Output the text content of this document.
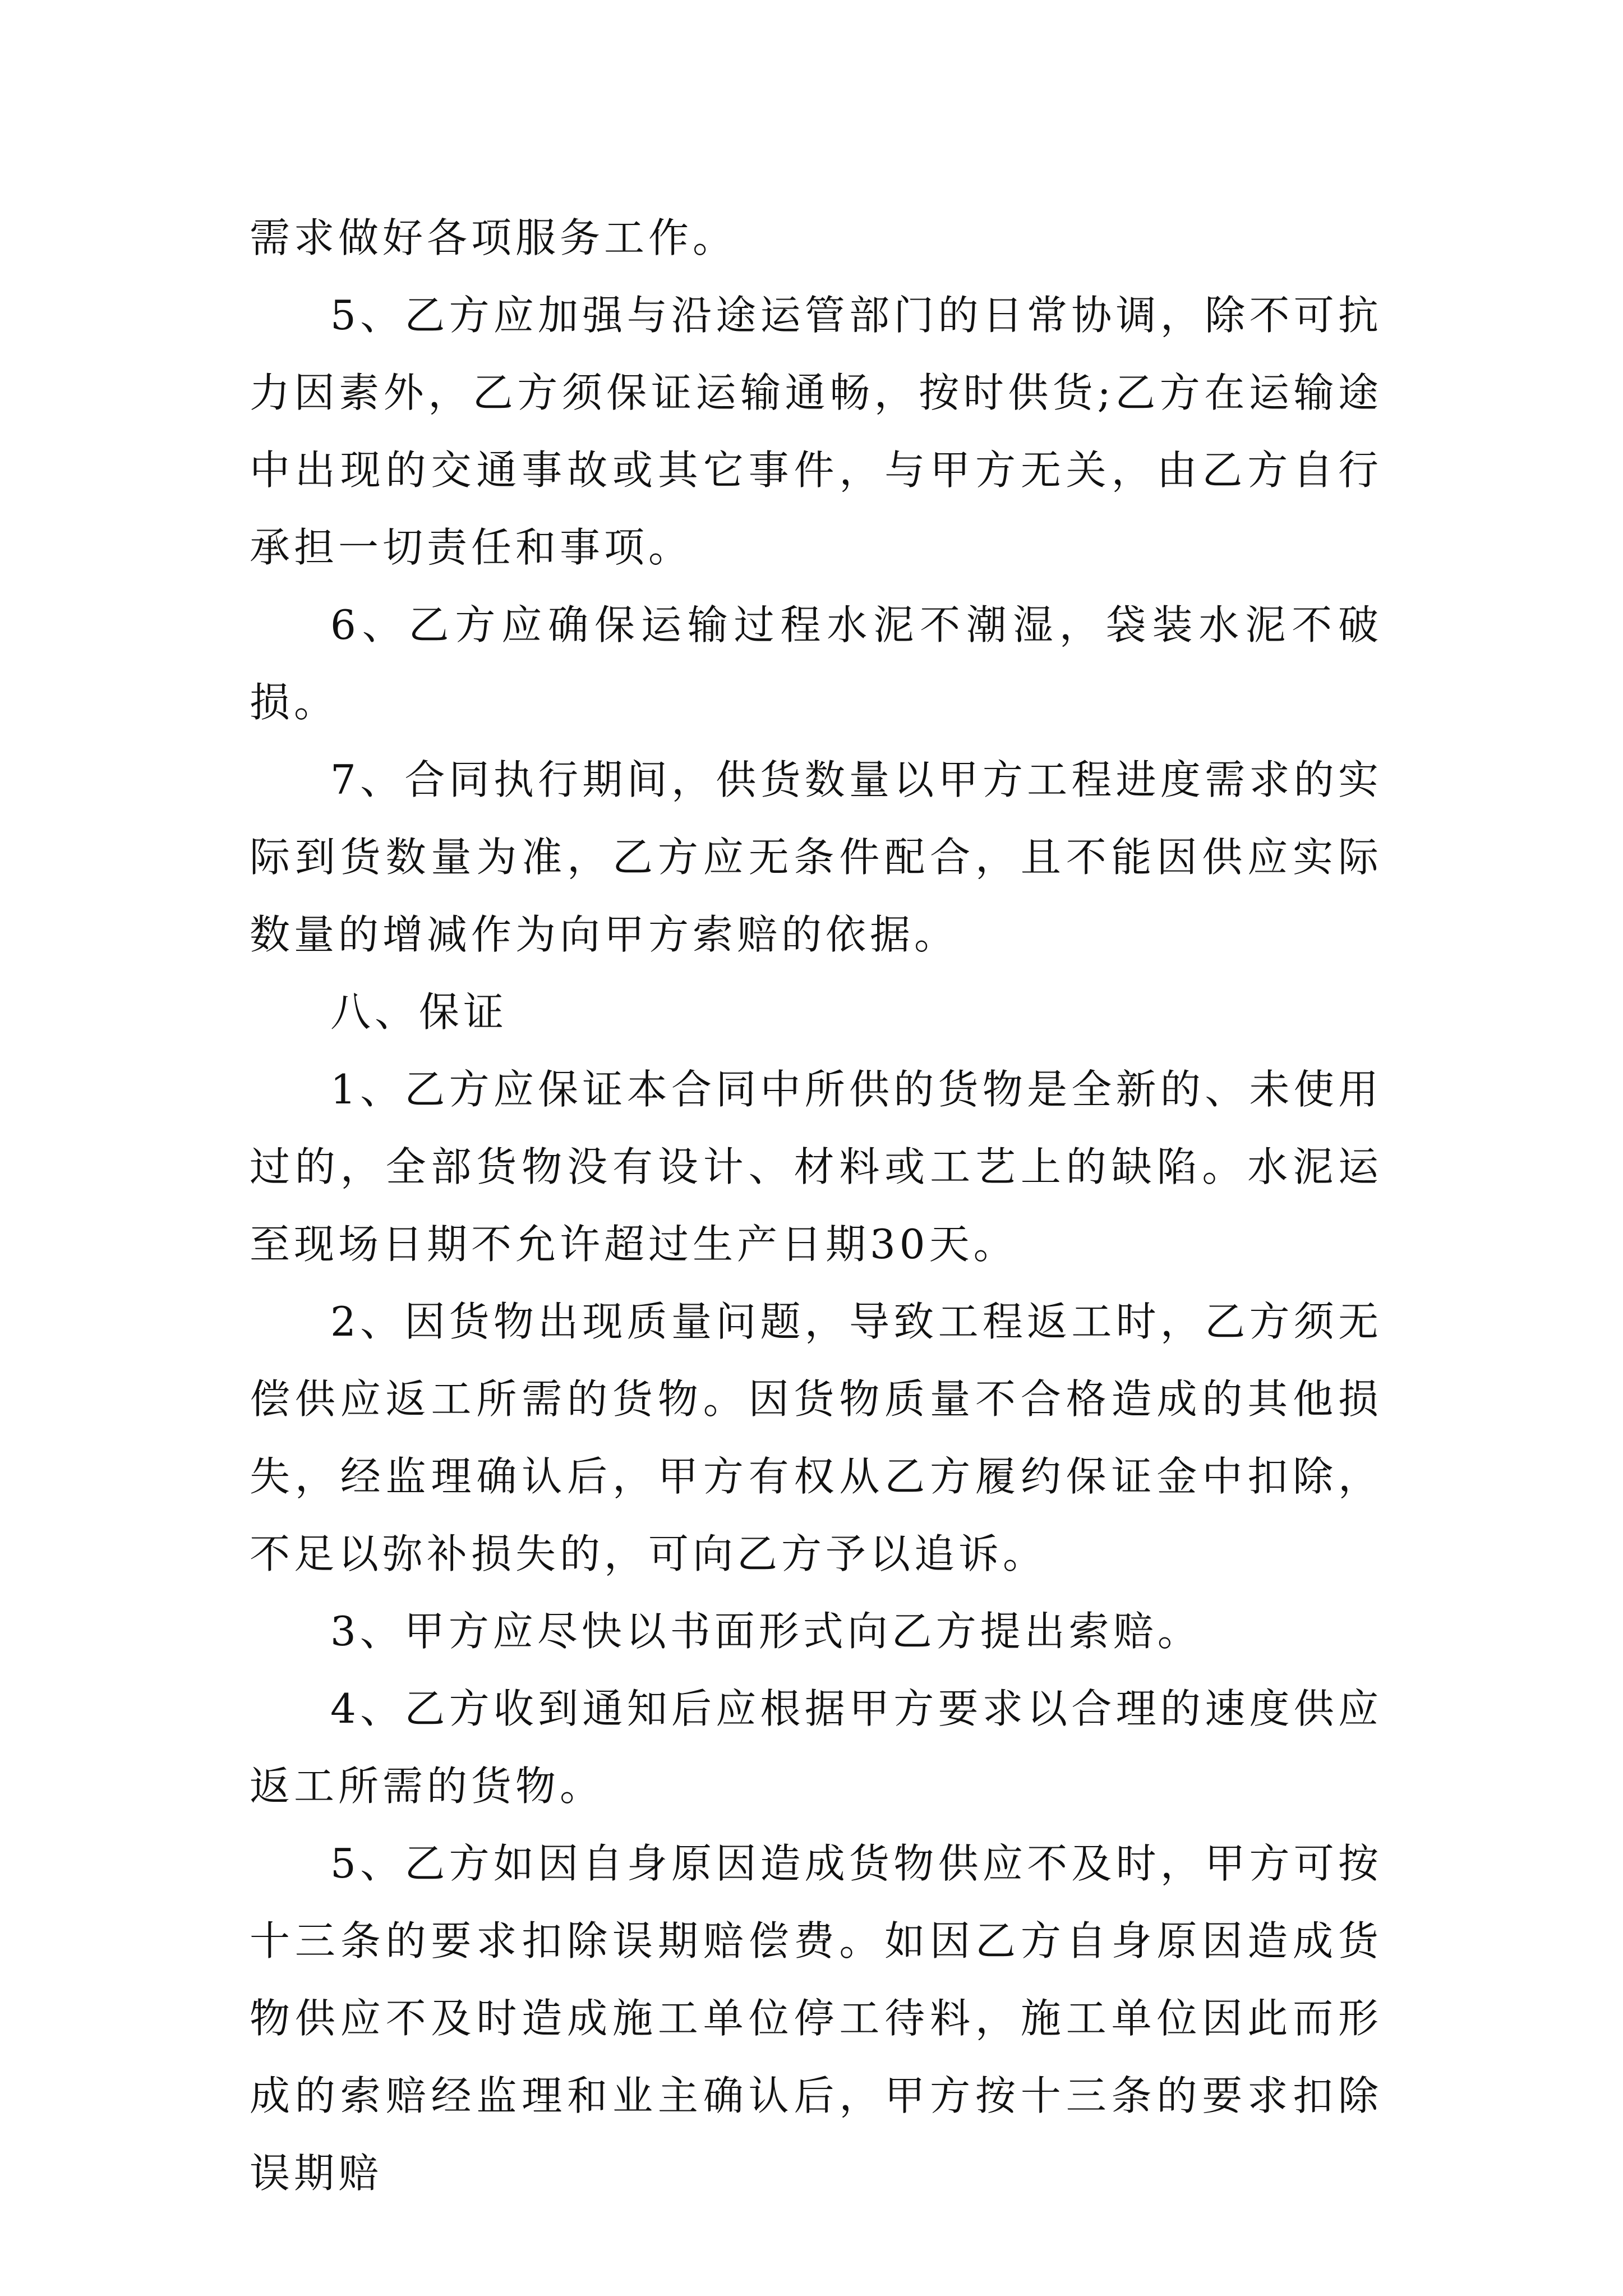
需求做好各项服务工作。

5、乙方应加强与沿途运管部门的日常协调，除不可抗力因素外，乙方须保证运输通畅，按时供货;乙方在运输途中出现的交通事故或其它事件，与甲方无关，由乙方自行承担一切责任和事项。

6、乙方应确保运输过程水泥不潮湿，袋装水泥不破损。

7、合同执行期间，供货数量以甲方工程进度需求的实际到货数量为准，乙方应无条件配合，且不能因供应实际数量的增减作为向甲方索赔的依据。

八、保证

1、乙方应保证本合同中所供的货物是全新的、未使用过的，全部货物没有设计、材料或工艺上的缺陷。水泥运至现场日期不允许超过生产日期30天。

2、因货物出现质量问题，导致工程返工时，乙方须无偿供应返工所需的货物。因货物质量不合格造成的其他损失，经监理确认后，甲方有权从乙方履约保证金中扣除，不足以弥补损失的，可向乙方予以追诉。

3、甲方应尽快以书面形式向乙方提出索赔。

4、乙方收到通知后应根据甲方要求以合理的速度供应返工所需的货物。

5、乙方如因自身原因造成货物供应不及时，甲方可按十三条的要求扣除误期赔偿费。如因乙方自身原因造成货物供应不及时造成施工单位停工待料，施工单位因此而形成的索赔经监理和业主确认后，甲方按十三条的要求扣除误期赔
